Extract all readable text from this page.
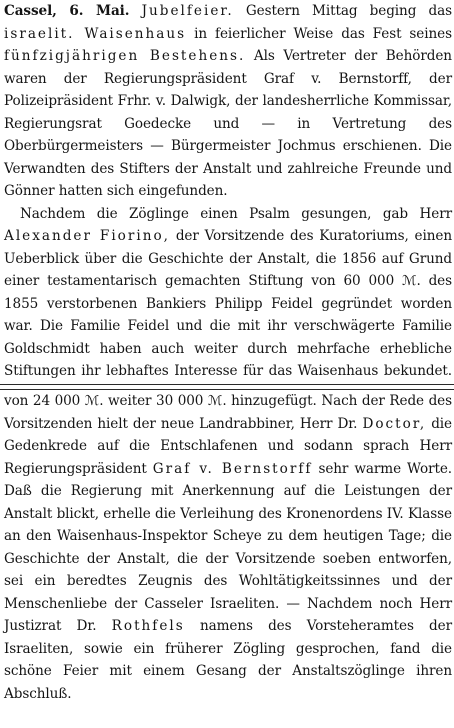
Cassel, 6. Mai. Jubelfeier. Gestern Mittag beging das israelit. Waisenhaus in feierlicher Weise das Fest seines fünfzigjährigen Bestehens. Als Vertreter der Behörden waren der Regierungspräsident Graf v. Bernstorff, der Polizeipräsident Frhr. v. Dalwigk, der landesherrliche Kommissar, Regierungsrat Goedecke und — in Vertretung des Oberbürgermeisters — Bürgermeister Jochmus erschienen. Die Verwandten des Stifters der Anstalt und zahlreiche Freunde und Gönner hatten sich eingefunden.

Nachdem die Zöglinge einen Psalm gesungen, gab Herr Alexander Fiorino, der Vorsitzende des Kuratoriums, einen Ueberblick über die Geschichte der Anstalt, die 1856 auf Grund einer testamentarisch gemachten Stiftung von 60 000 ℳ. des 1855 verstorbenen Bankiers Philipp Feidel gegründet worden war. Die Familie Feidel und die mit ihr verschwägerte Familie Goldschmidt haben auch weiter durch mehrfache erhebliche Stiftungen ihr lebhaftes Interesse für das Waisenhaus bekundet.

von 24 000 ℳ. weiter 30 000 ℳ. hinzugefügt. Nach der Rede des Vorsitzenden hielt der neue Landrabbiner, Herr Dr. Doctor, die Gedenkrede auf die Entschlafenen und sodann sprach Herr Regierungspräsident Graf v. Bernstorff sehr warme Worte. Daß die Regierung mit Anerkennung auf die Leistungen der Anstalt blickt, erhelle die Verleihung des Kronenordens IV. Klasse an den Waisenhaus-Inspektor Scheye zu dem heutigen Tage; die Geschichte der Anstalt, die der Vorsitzende soeben entworfen, sei ein beredtes Zeugnis des Wohltätigkeitssinnes und der Menschenliebe der Casseler Israeliten. — Nachdem noch Herr Justizrat Dr. Rothfels namens des Vorsteheramtes der Israeliten, sowie ein früherer Zögling gesprochen, fand die schöne Feier mit einem Gesang der Anstaltszöglinge ihren Abschluß.
